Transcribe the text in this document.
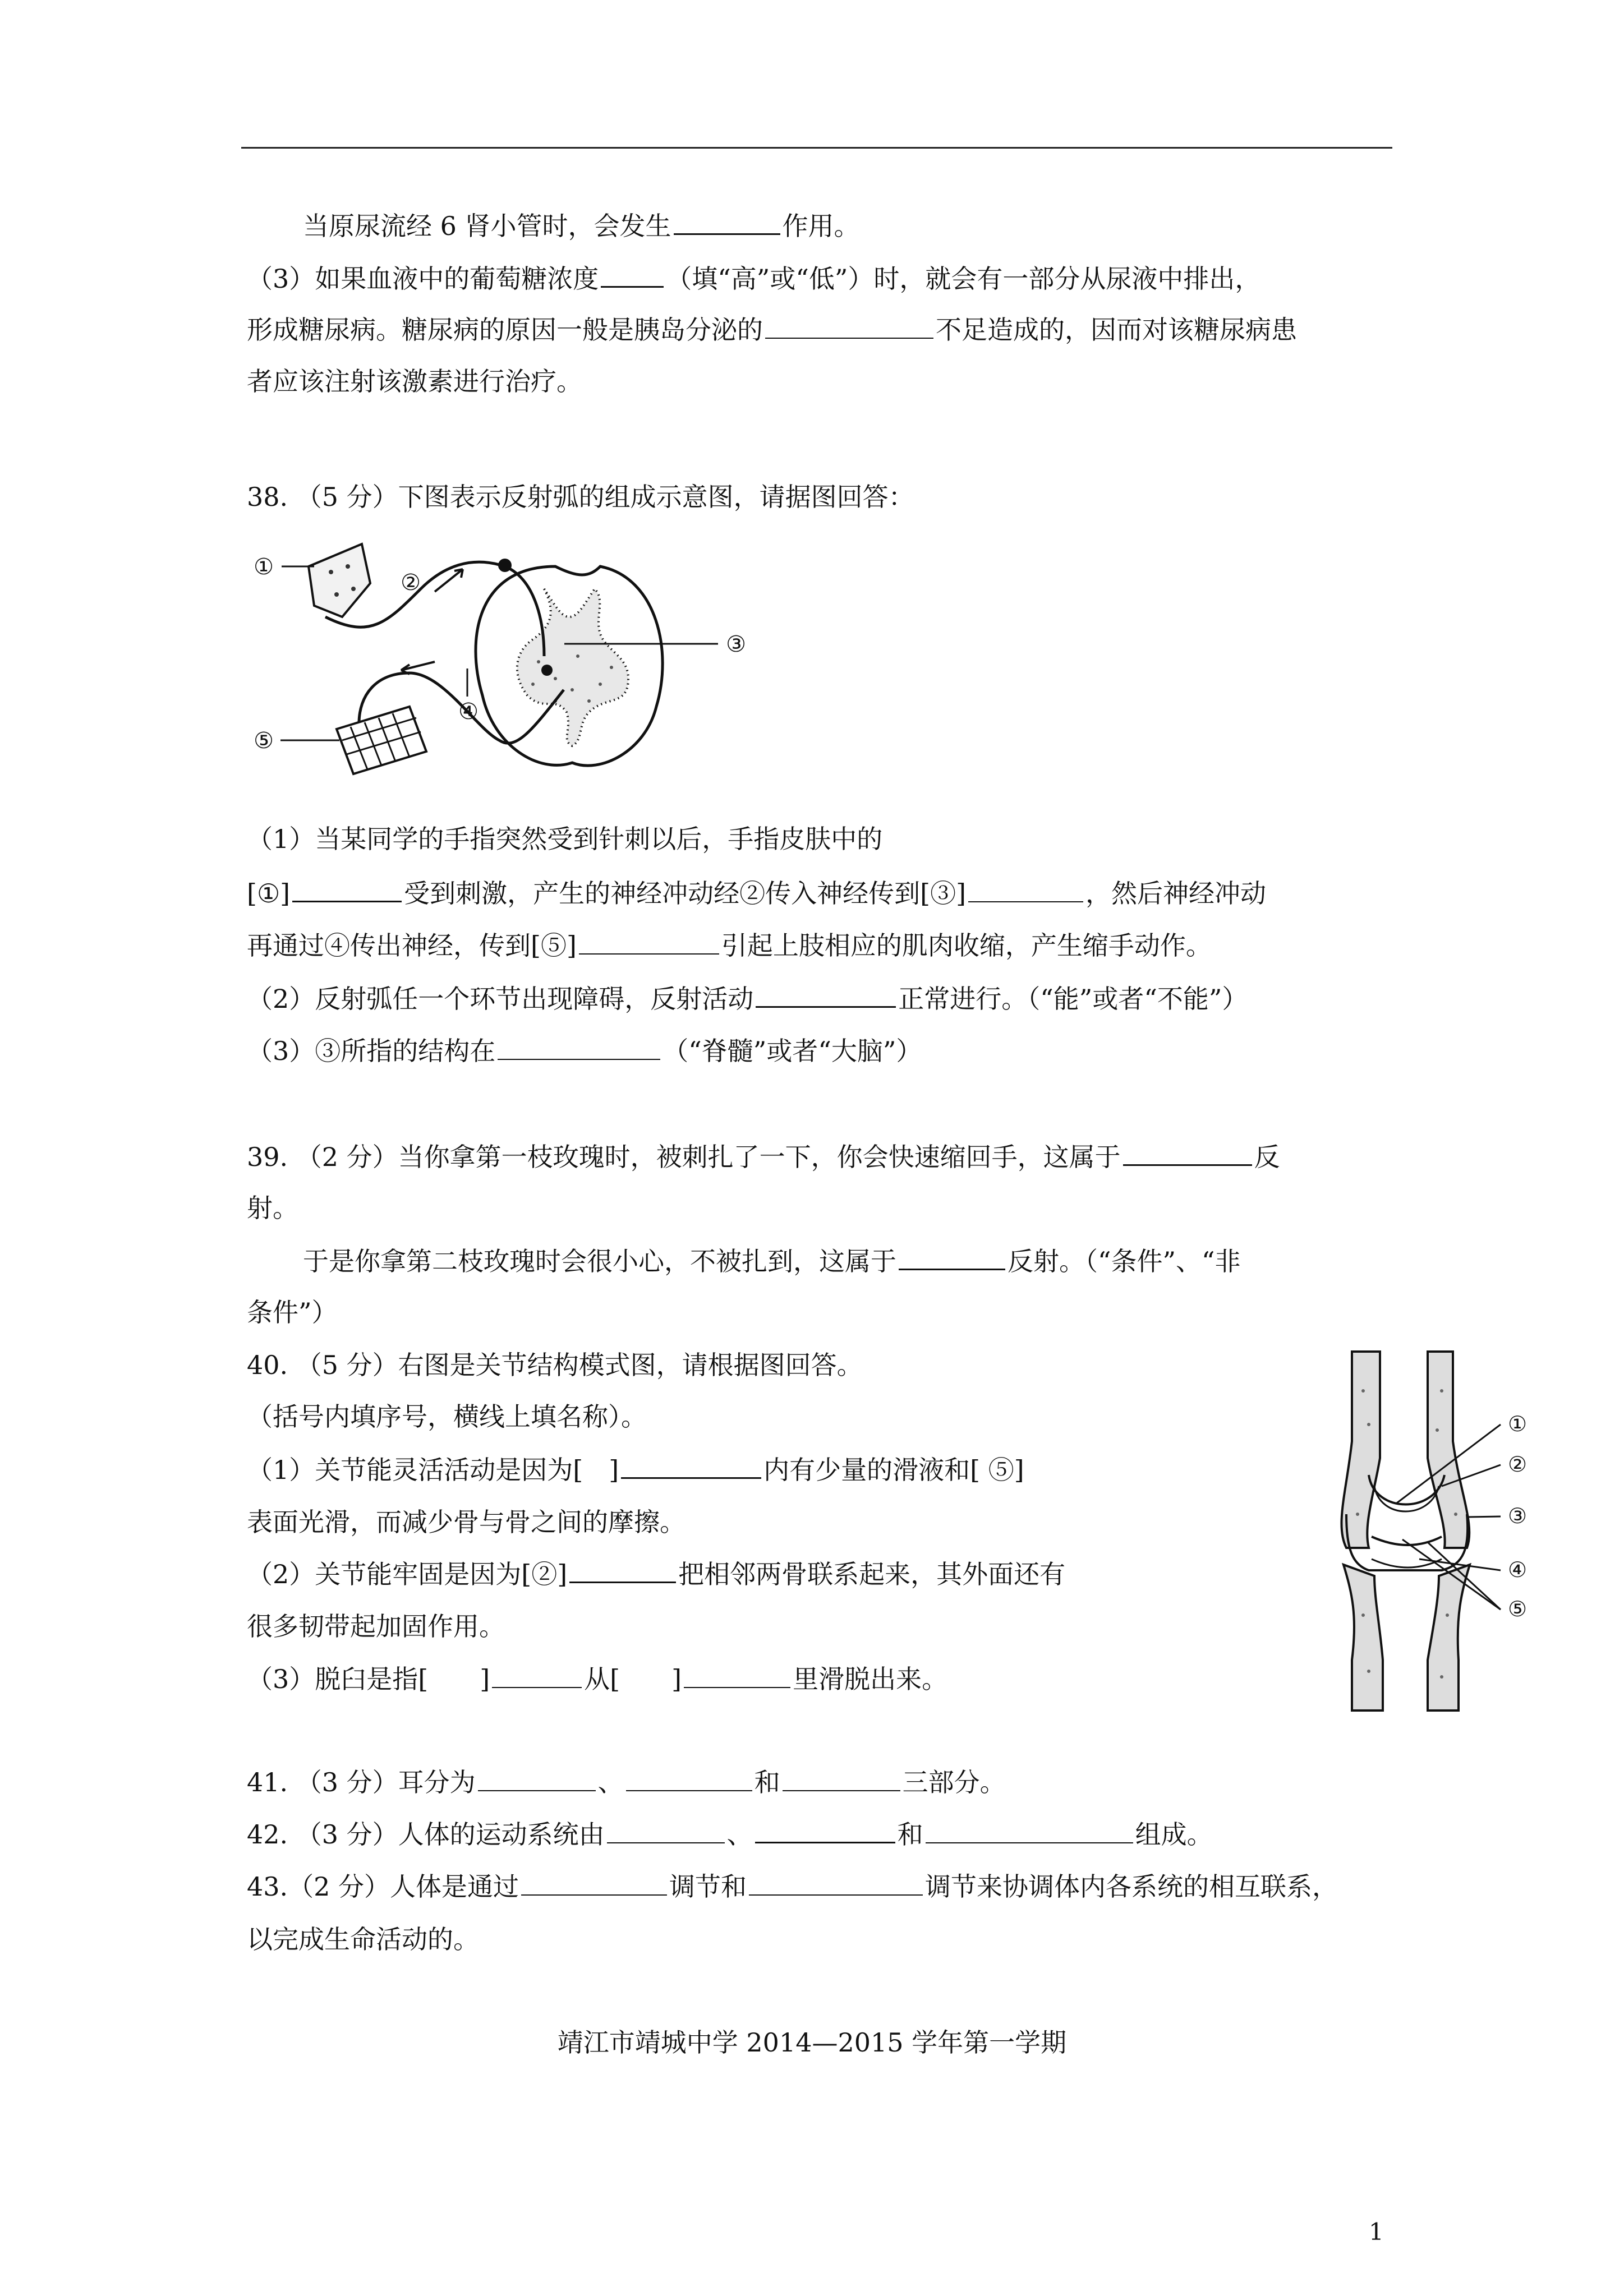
当原尿流经 6 肾小管时，会发生	作用。
（3）如果血液中的葡萄糖浓度	（填“高”或“低”）时，就会有一部分从尿液中排出，
形成糖尿病。糖尿病的原因一般是胰岛分泌的	不足造成的，因而对该糖尿病患
者应该注射该激素进行治疗。
38. （5 分）下图表示反射弧的组成示意图，请据图回答：
①
②
③
④
⑤
（1）当某同学的手指突然受到针刺以后，手指皮肤中的
[①]	受到刺激，产生的神经冲动经②传入神经传到[③]	，然后神经冲动
再通过④传出神经，传到[⑤]	引起上肢相应的肌肉收缩，产生缩手动作。
（2）反射弧任一个环节出现障碍，反射活动	正常进行。（“能”或者“不能”）
（3）③所指的结构在	（“脊髓”或者“大脑”）
39. （2 分）当你拿第一枝玫瑰时，被刺扎了一下，你会快速缩回手，这属于	反
射。
于是你拿第二枝玫瑰时会很小心，不被扎到，这属于	反射。（“条件”、“非
条件”）
40. （5 分）右图是关节结构模式图，请根据图回答。
（括号内填序号，横线上填名称）。
（1）关节能灵活活动是因为[　]	内有少量的滑液和[ ⑤]
表面光滑，而减少骨与骨之间的摩擦。
（2）关节能牢固是因为[②]	把相邻两骨联系起来，其外面还有
很多韧带起加固作用。
（3）脱臼是指[　　]	从[　　]	里滑脱出来。
①
②
③
④
⑤
41. （3 分）耳分为	、	和	三部分。
42. （3 分）人体的运动系统由	、	和	组成。
43.（2 分）人体是通过	调节和	调节来协调体内各系统的相互联系，
以完成生命活动的。
靖江市靖城中学 2014—2015 学年第一学期
1
